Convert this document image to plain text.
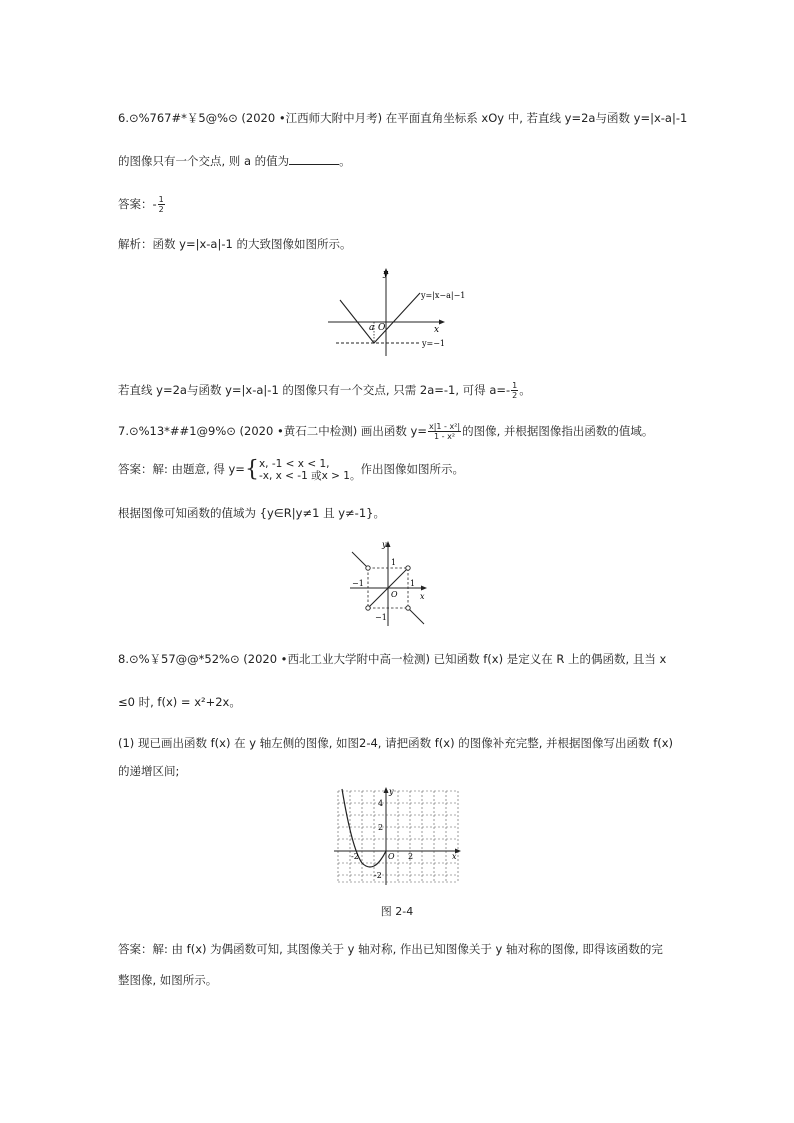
6.⊙%767#*￥5@%⊙ (2020 •江西师大附中月考) 在平面直角坐标系 xOy 中, 若直线 y=2a与函数 y=|x-a|-1
的图像只有一个交点, 则 a 的值为	。
答案：- $\frac{1}{2}$
解析：函数 y=|x-a|-1 的大致图像如图所示。
y
x
O
a
y=|x−a|−1
y=−1
若直线 y=2a与函数 y=|x-a|-1 的图像只有一个交点, 只需 2a=-1, 可得 $a=- \frac{1}{2}$ 。
7.⊙%13*##1@9%⊙ (2020 •黄石二中检测) 画出函数 $y= \frac{\text{x|1 - x²|}}{\text{1 - x²}}$ 的图像, 并根据图像指出函数的值域。
答案：解: 由题意, 得 y={ x, -1 < x < 1,
-x, x < -1 或x > 1。 作出图像如图所示。
根据图像可知函数的值域为 {y∈R|y≠1 且 y≠-1}。
y
x
O
1
1
−1
−1
8.⊙%￥57@@*52%⊙ (2020 •西北工业大学附中高一检测) 已知函数 f(x) 是定义在 R 上的偶函数, 且当 x
≤0 时, f(x) = x²+2x。
(1) 现已画出函数 f(x) 在 y 轴左侧的图像, 如图2-4, 请把函数 f(x) 的图像补充完整, 并根据图像写出函数 f(x)
的递增区间;
y
x
O
4
2
-2
-2	2
图 2-4
答案：解: 由 f(x) 为偶函数可知, 其图像关于 y 轴对称, 作出已知图像关于 y 轴对称的图像, 即得该函数的完
整图像, 如图所示。
